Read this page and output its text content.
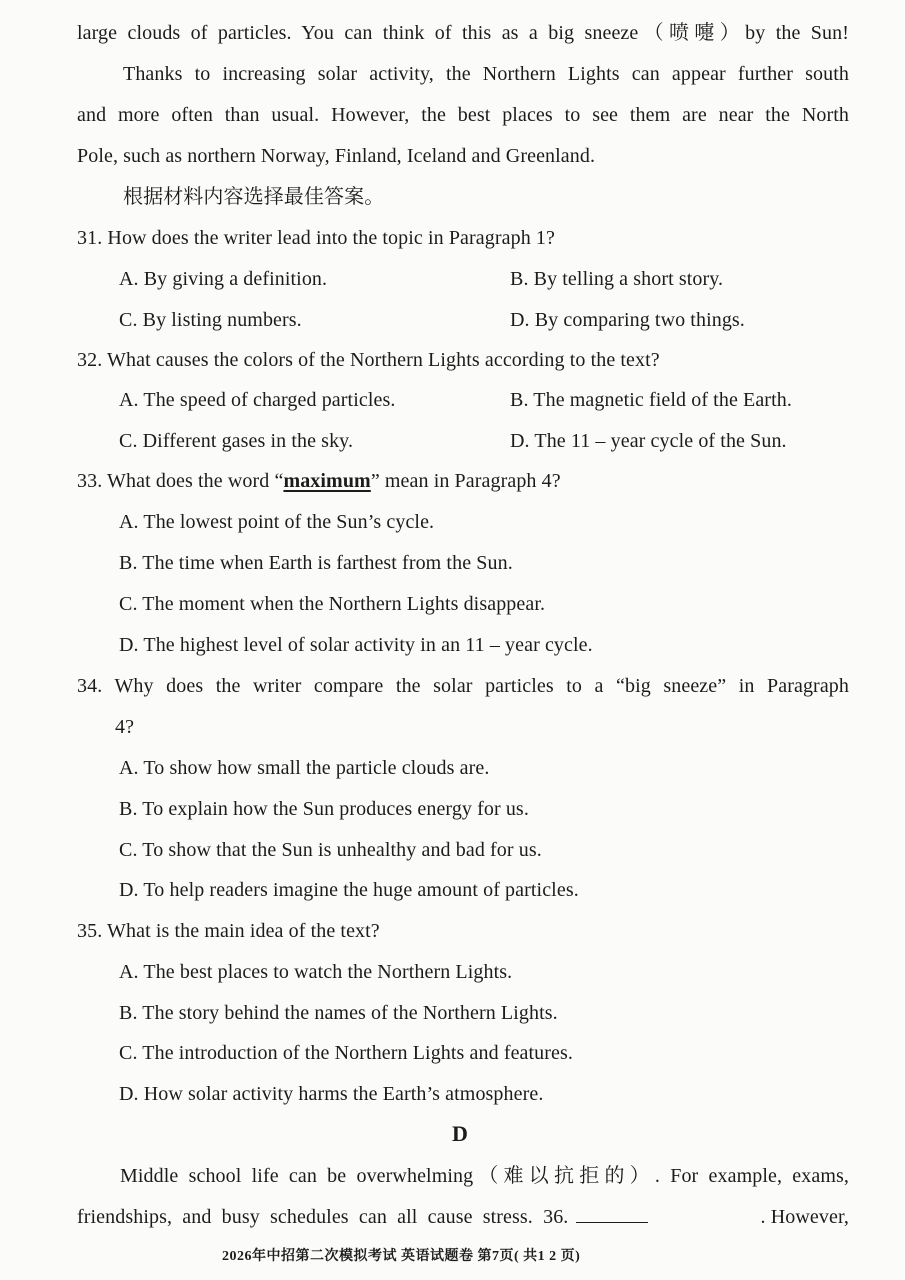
large clouds of particles. You can think of this as a big sneeze（喷嚏）by the Sun!
Thanks to increasing solar activity, the Northern Lights can appear further south
and more often than usual. However, the best places to see them are near the North
Pole, such as northern Norway, Finland, Iceland and Greenland.
根据材料内容选择最佳答案。
31. How does the writer lead into the topic in Paragraph 1?
A. By giving a definition.	B. By telling a short story.
C. By listing numbers.	D. By comparing two things.
32. What causes the colors of the Northern Lights according to the text?
A. The speed of charged particles.	B. The magnetic field of the Earth.
C. Different gases in the sky.	D. The 11 – year cycle of the Sun.
33. What does the word “maximum” mean in Paragraph 4?
A. The lowest point of the Sun’s cycle.
B. The time when Earth is farthest from the Sun.
C. The moment when the Northern Lights disappear.
D. The highest level of solar activity in an 11 – year cycle.
34. Why does the writer compare the solar particles to a “big sneeze” in Paragraph
4?
A. To show how small the particle clouds are.
B. To explain how the Sun produces energy for us.
C. To show that the Sun is unhealthy and bad for us.
D. To help readers imagine the huge amount of particles.
35. What is the main idea of the text?
A. The best places to watch the Northern Lights.
B. The story behind the names of the Northern Lights.
C. The introduction of the Northern Lights and features.
D. How solar activity harms the Earth’s atmosphere.
D
Middle school life can be overwhelming（难以抗拒的）. For example, exams,
friendships,  and  busy  schedules  can  all  cause  stress.  36.	. However,
2026年中招第二次模拟考试 英语试题卷 第7页( 共1 2 页)
